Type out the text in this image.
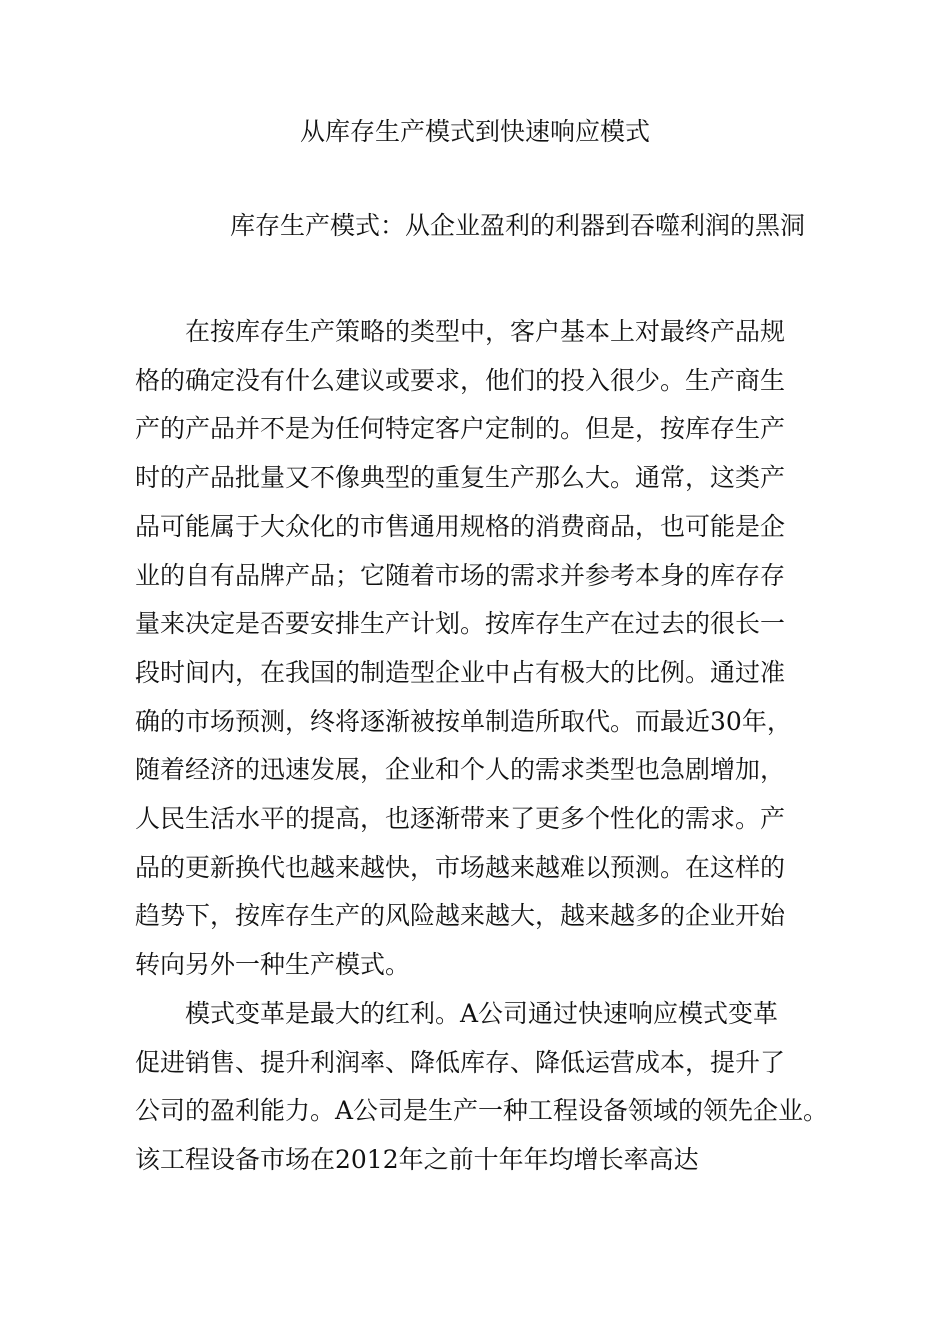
从库存生产模式到快速响应模式
库存生产模式：从企业盈利的利器到吞噬利润的黑洞

在按库存生产策略的类型中，客户基本上对最终产品规
格的确定没有什么建议或要求，他们的投入很少。生产商生
产的产品并不是为任何特定客户定制的。但是，按库存生产
时的产品批量又不像典型的重复生产那么大。通常，这类产
品可能属于大众化的市售通用规格的消费商品，也可能是企
业的自有品牌产品；它随着市场的需求并参考本身的库存存
量来决定是否要安排生产计划。按库存生产在过去的很长一
段时间内，在我国的制造型企业中占有极大的比例。通过准
确的市场预测，终将逐渐被按单制造所取代。而最近30年，
随着经济的迅速发展，企业和个人的需求类型也急剧增加，
人民生活水平的提高，也逐渐带来了更多个性化的需求。产
品的更新换代也越来越快，市场越来越难以预测。在这样的
趋势下，按库存生产的风险越来越大，越来越多的企业开始
转向另外一种生产模式。

模式变革是最大的红利。A公司通过快速响应模式变革
促进销售、提升利润率、降低库存、降低运营成本，提升了
公司的盈利能力。A公司是生产一种工程设备领域的领先企业。
该工程设备市场在2012年之前十年年均增长率高达
